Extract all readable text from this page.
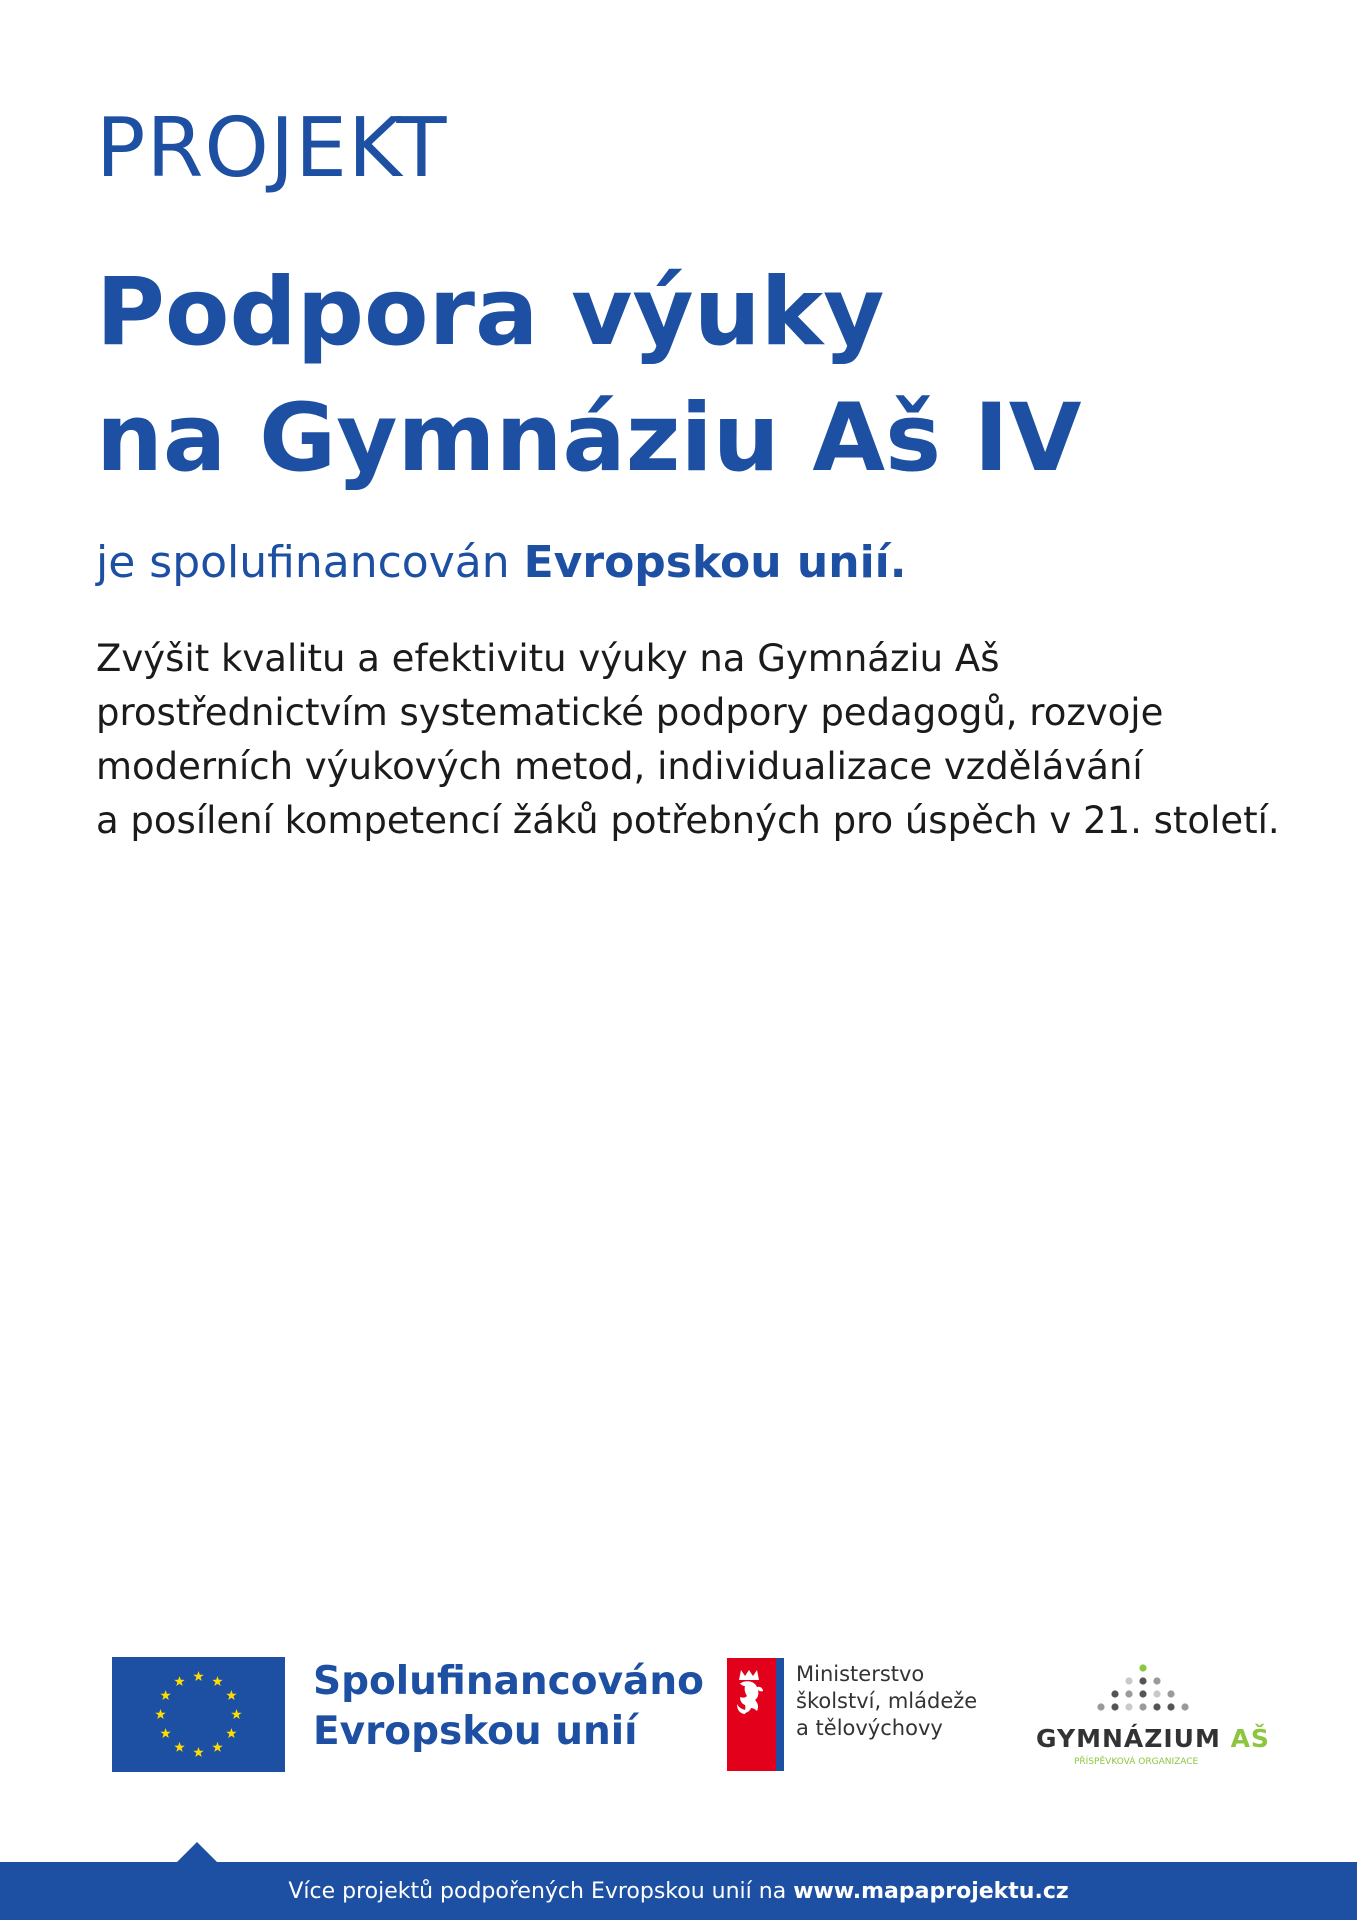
PROJEKT
Podpora výuky
na Gymnáziu Aš IV

je spolufinancován Evropskou unií.

Zvýšit kvalitu a efektivitu výuky na Gymnáziu Aš
prostřednictvím systematické podpory pedagogů, rozvoje
moderních výukových metod, individualizace vzdělávání
a posílení kompetencí žáků potřebných pro úspěch v 21. století.

Spolufinancováno
Evropskou unií
Ministerstvo
školství, mládeže
a tělovýchovy	GYMNÁZIUM AŠ
PŘÍSPĚVKOVÁ ORGANIZACE
Více projektů podpořených Evropskou unií na www.mapaprojektu.cz
